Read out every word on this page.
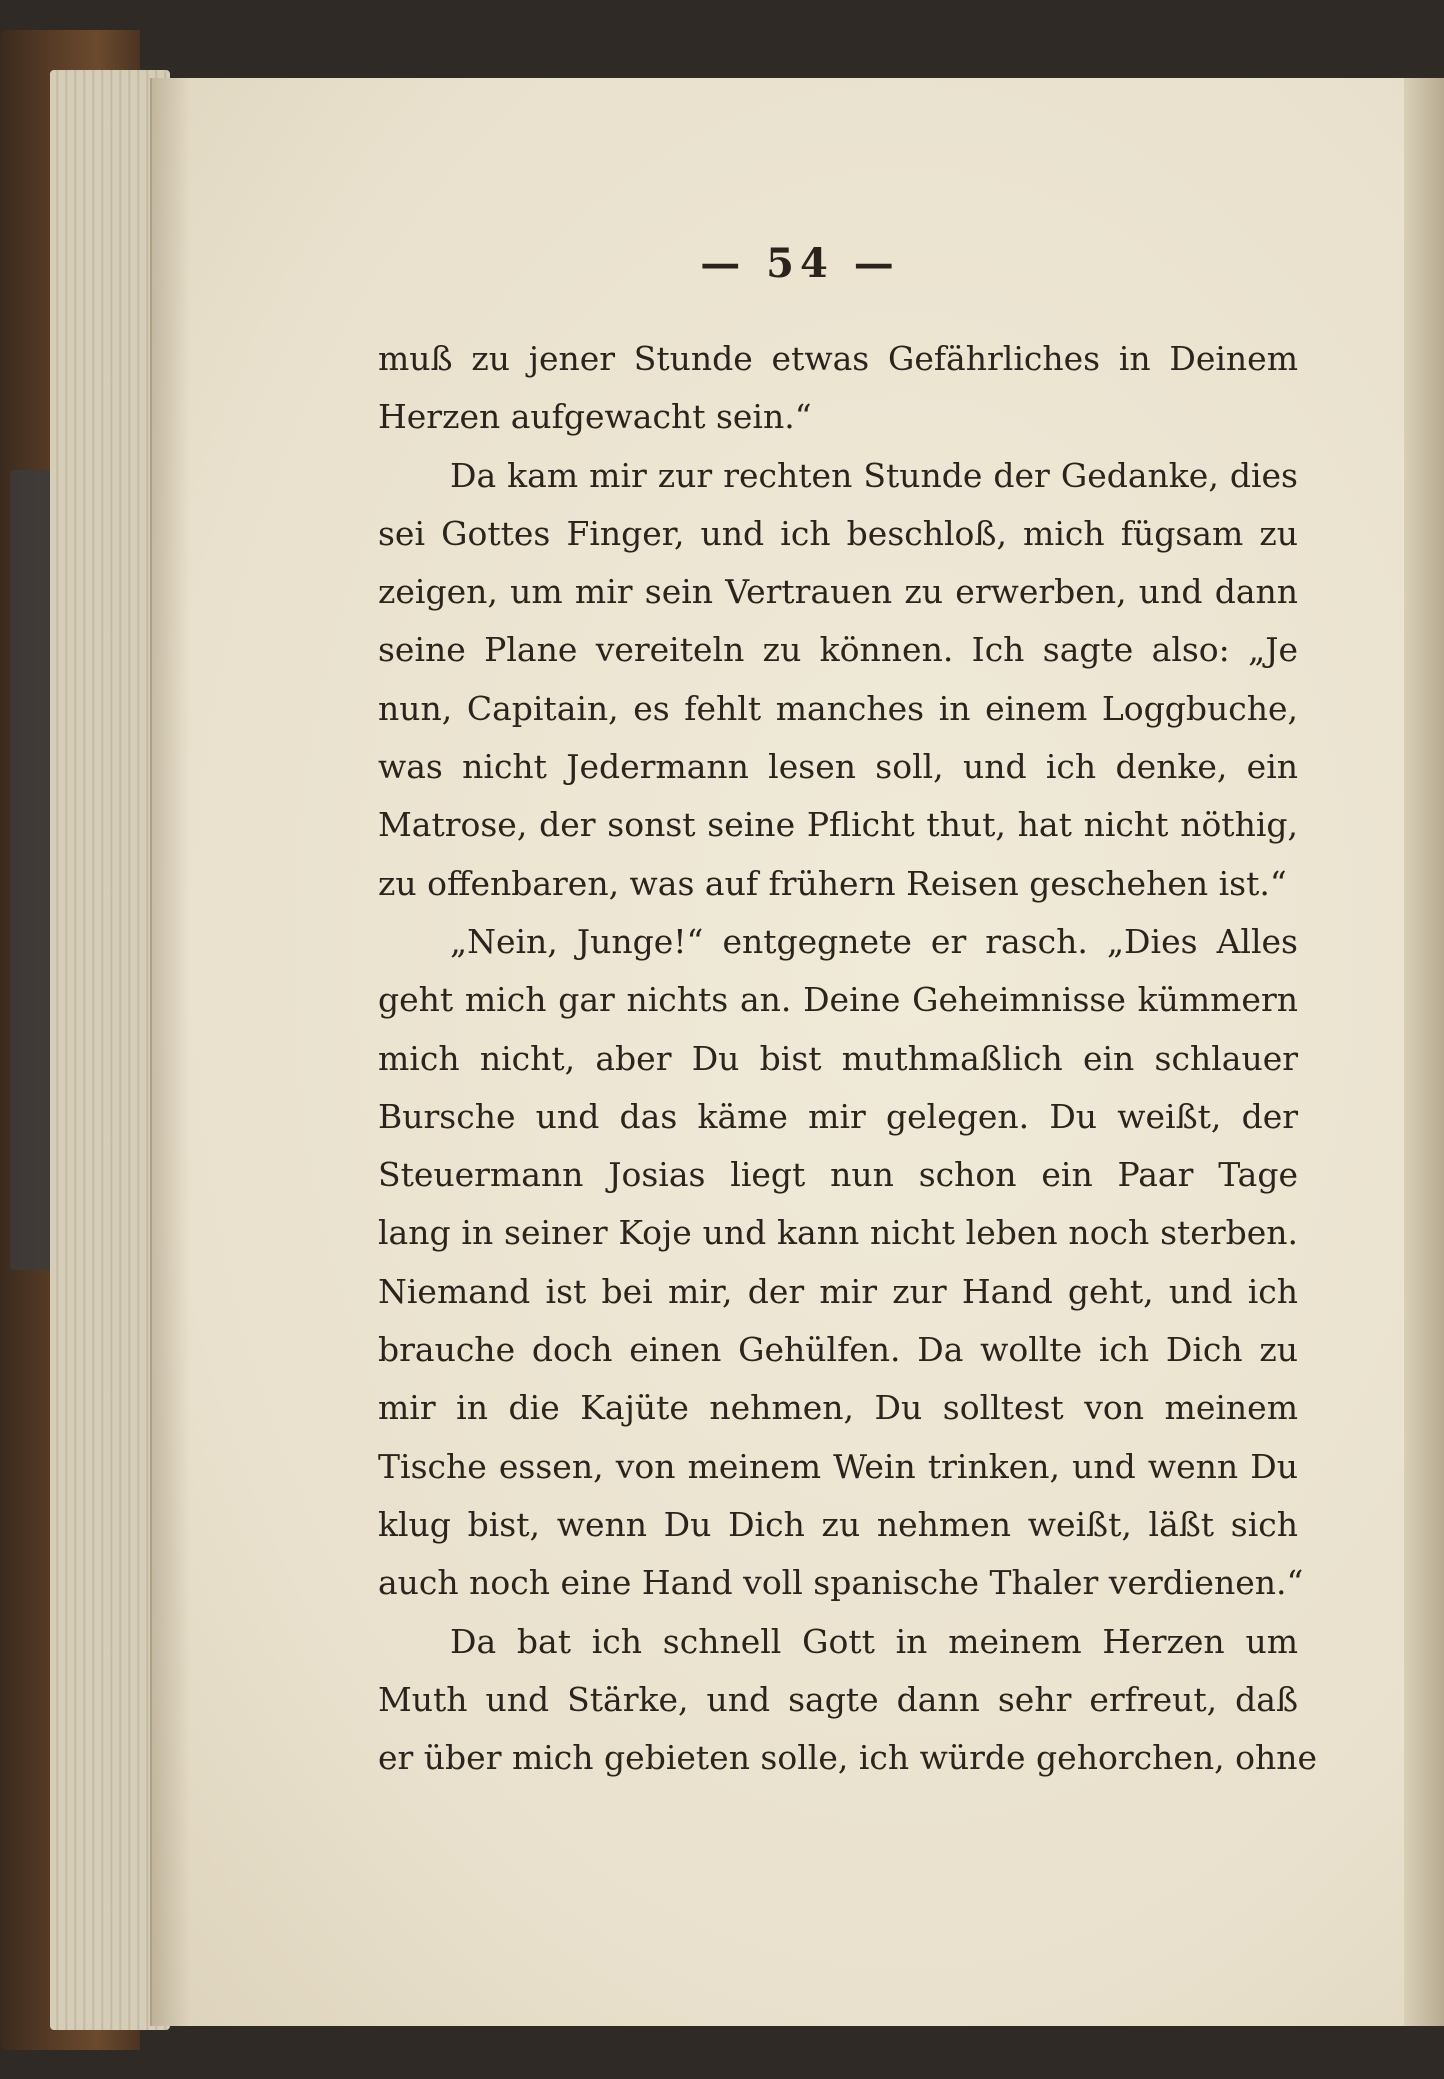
— 54 —
muß zu jener Stunde etwas Gefährliches in Deinem
Herzen aufgewacht sein.“
Da kam mir zur rechten Stunde der Gedanke, dies
sei Gottes Finger, und ich beschloß, mich fügsam zu
zeigen, um mir sein Vertrauen zu erwerben, und dann
seine Plane vereiteln zu können. Ich sagte also: „Je
nun, Capitain, es fehlt manches in einem Loggbuche,
was nicht Jedermann lesen soll, und ich denke, ein
Matrose, der sonst seine Pflicht thut, hat nicht nöthig,
zu offenbaren, was auf frühern Reisen geschehen ist.“
„Nein, Junge!“ entgegnete er rasch. „Dies Alles
geht mich gar nichts an. Deine Geheimnisse kümmern
mich nicht, aber Du bist muthmaßlich ein schlauer
Bursche und das käme mir gelegen. Du weißt, der
Steuermann Josias liegt nun schon ein Paar Tage
lang in seiner Koje und kann nicht leben noch sterben.
Niemand ist bei mir, der mir zur Hand geht, und ich
brauche doch einen Gehülfen. Da wollte ich Dich zu
mir in die Kajüte nehmen, Du solltest von meinem
Tische essen, von meinem Wein trinken, und wenn Du
klug bist, wenn Du Dich zu nehmen weißt, läßt sich
auch noch eine Hand voll spanische Thaler verdienen.“
Da bat ich schnell Gott in meinem Herzen um
Muth und Stärke, und sagte dann sehr erfreut, daß
er über mich gebieten solle, ich würde gehorchen, ohne
